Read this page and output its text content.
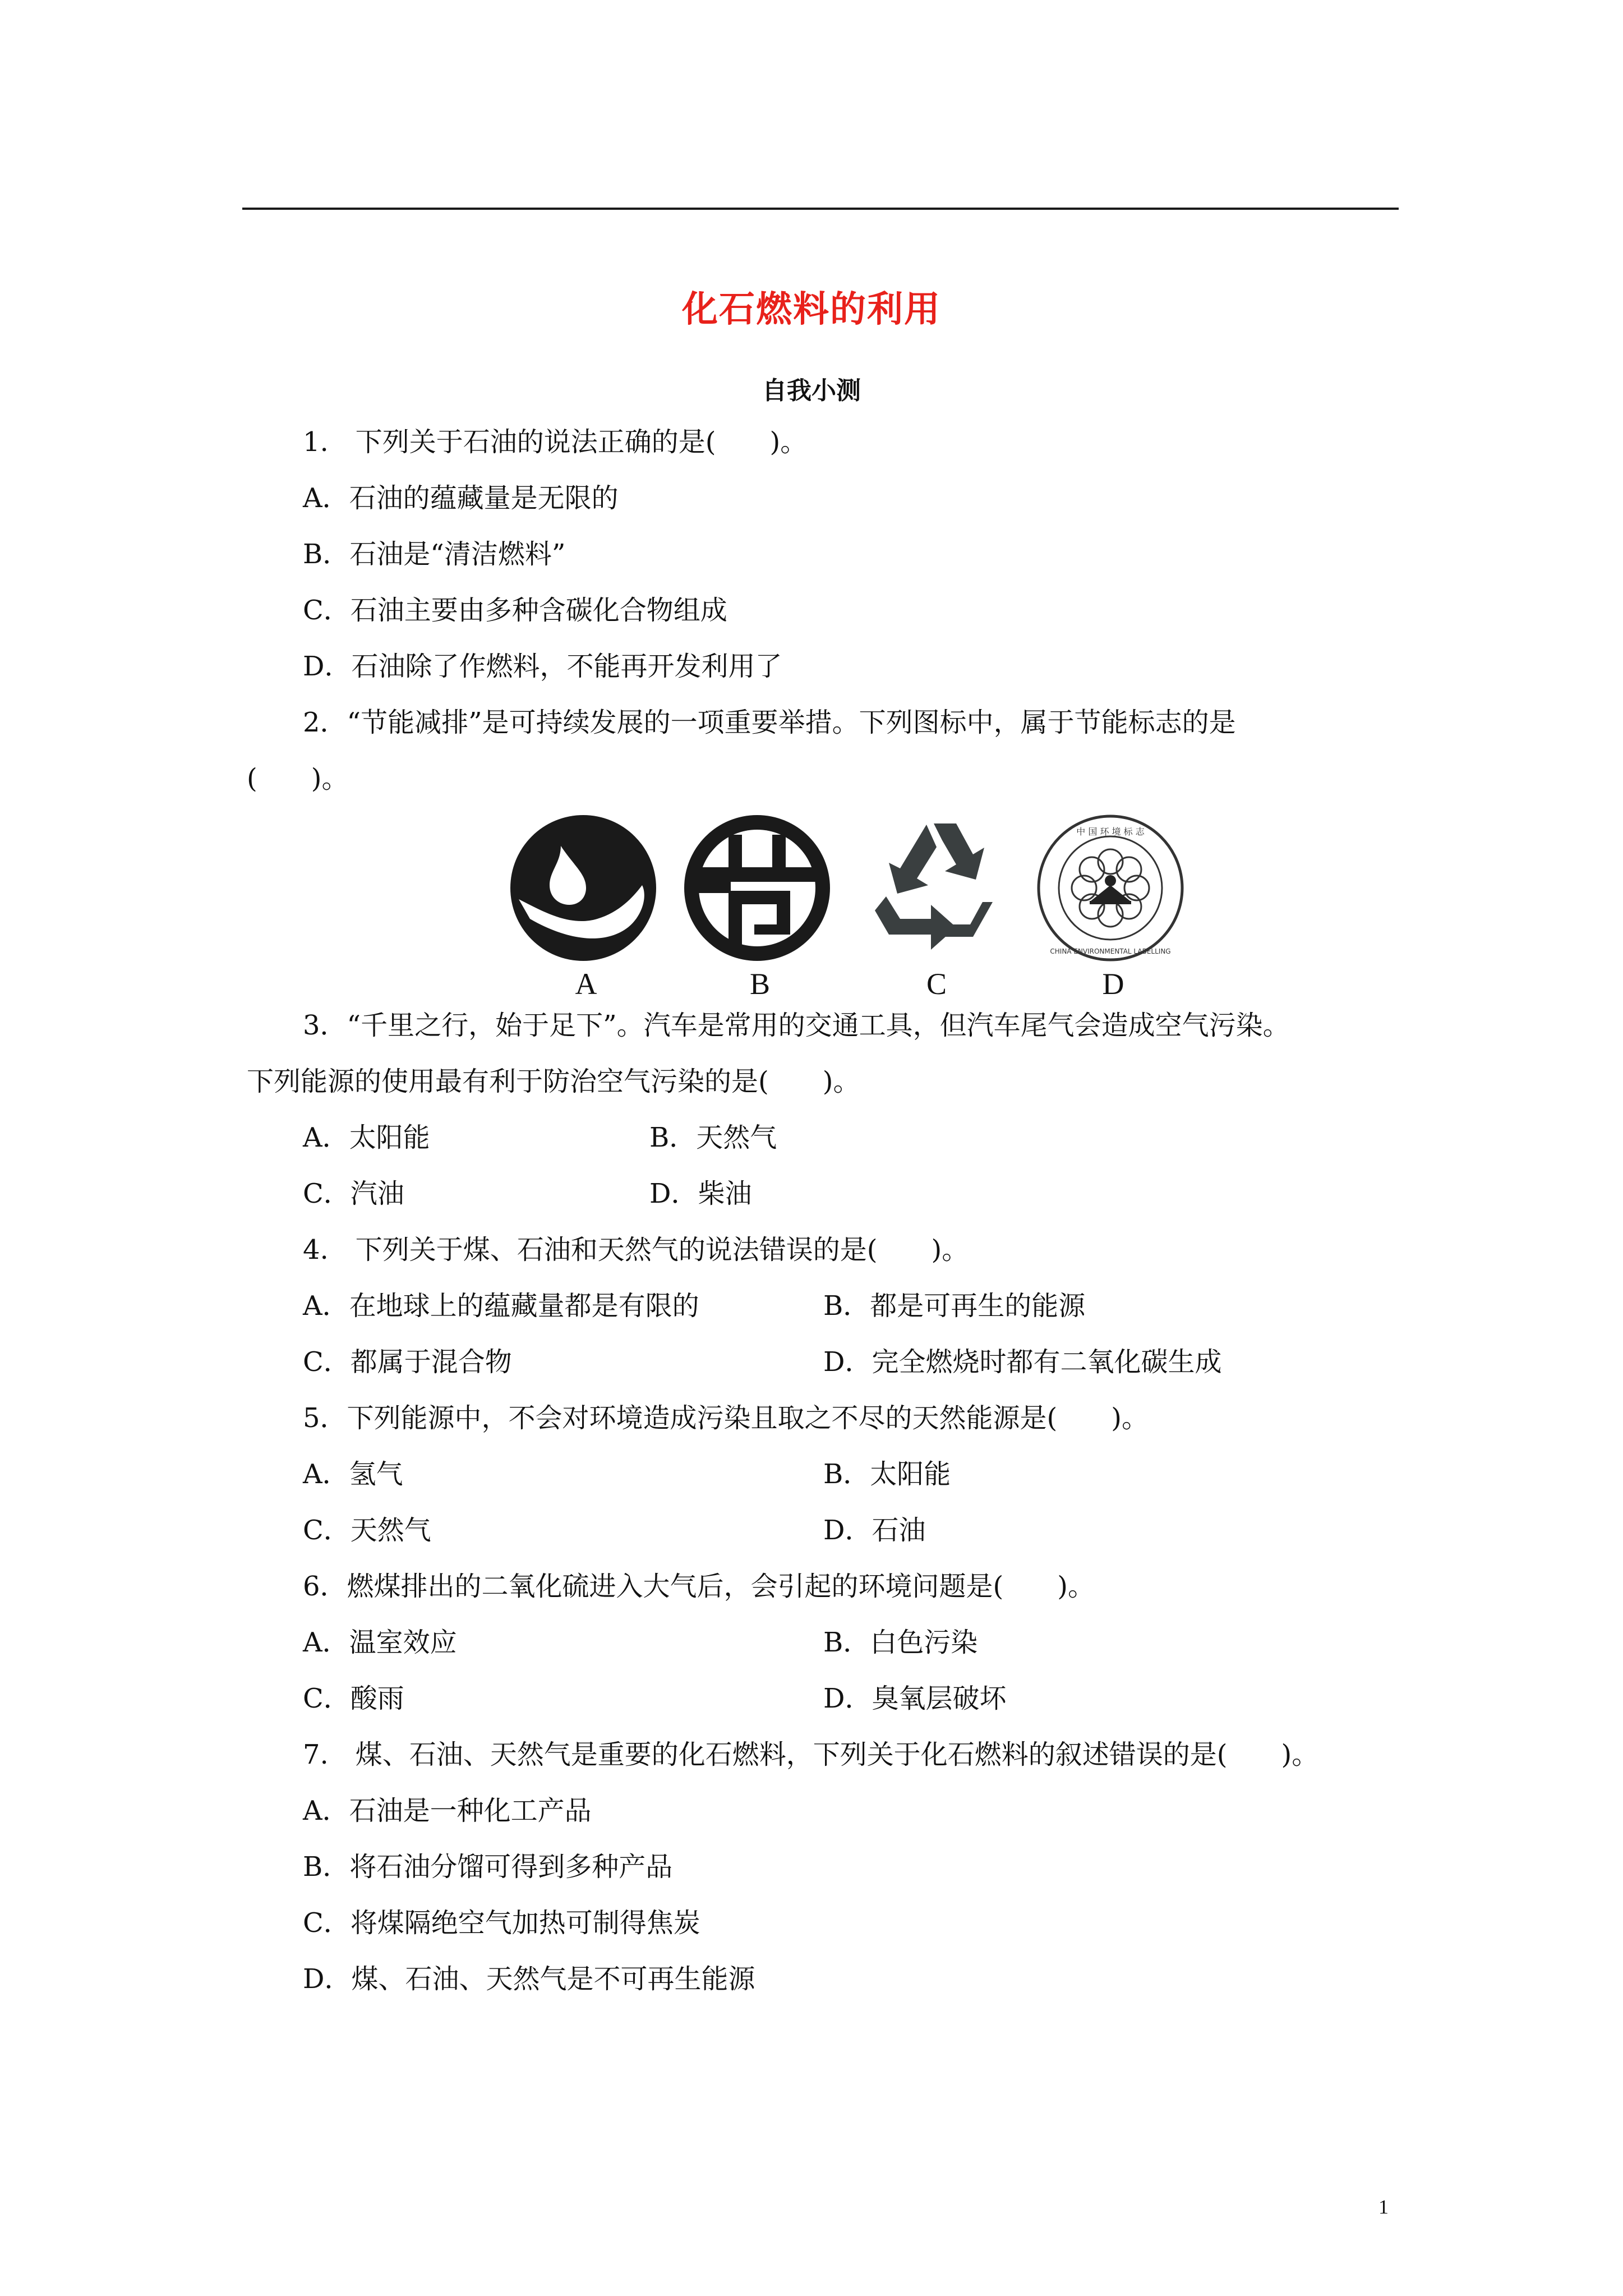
化石燃料的利用
自我小测
1.　下列关于石油的说法正确的是(　　)。
A．石油的蕴藏量是无限的
B．石油是“清洁燃料”
C．石油主要由多种含碳化合物组成
D．石油除了作燃料，不能再开发利用了
2．“节能减排”是可持续发展的一项重要举措。下列图标中，属于节能标志的是
(　　)。
A	B	C
中 国 环 境 标 志
CHINA ENVIRONMENTAL LABELLING
D
3．“千里之行，始于足下”。汽车是常用的交通工具，但汽车尾气会造成空气污染。
下列能源的使用最有利于防治空气污染的是(　　)。
A．太阳能	B．天然气
C．汽油	D．柴油
4.　下列关于煤、石油和天然气的说法错误的是(　　)。
A．在地球上的蕴藏量都是有限的	B．都是可再生的能源
C．都属于混合物	D．完全燃烧时都有二氧化碳生成
5．下列能源中，不会对环境造成污染且取之不尽的天然能源是(　　)。
A．氢气	B．太阳能
C．天然气	D．石油
6．燃煤排出的二氧化硫进入大气后，会引起的环境问题是(　　)。
A．温室效应	B．白色污染
C．酸雨	D．臭氧层破坏
7.　煤、石油、天然气是重要的化石燃料，下列关于化石燃料的叙述错误的是(　　)。
A．石油是一种化工产品
B．将石油分馏可得到多种产品
C．将煤隔绝空气加热可制得焦炭
D．煤、石油、天然气是不可再生能源
1
